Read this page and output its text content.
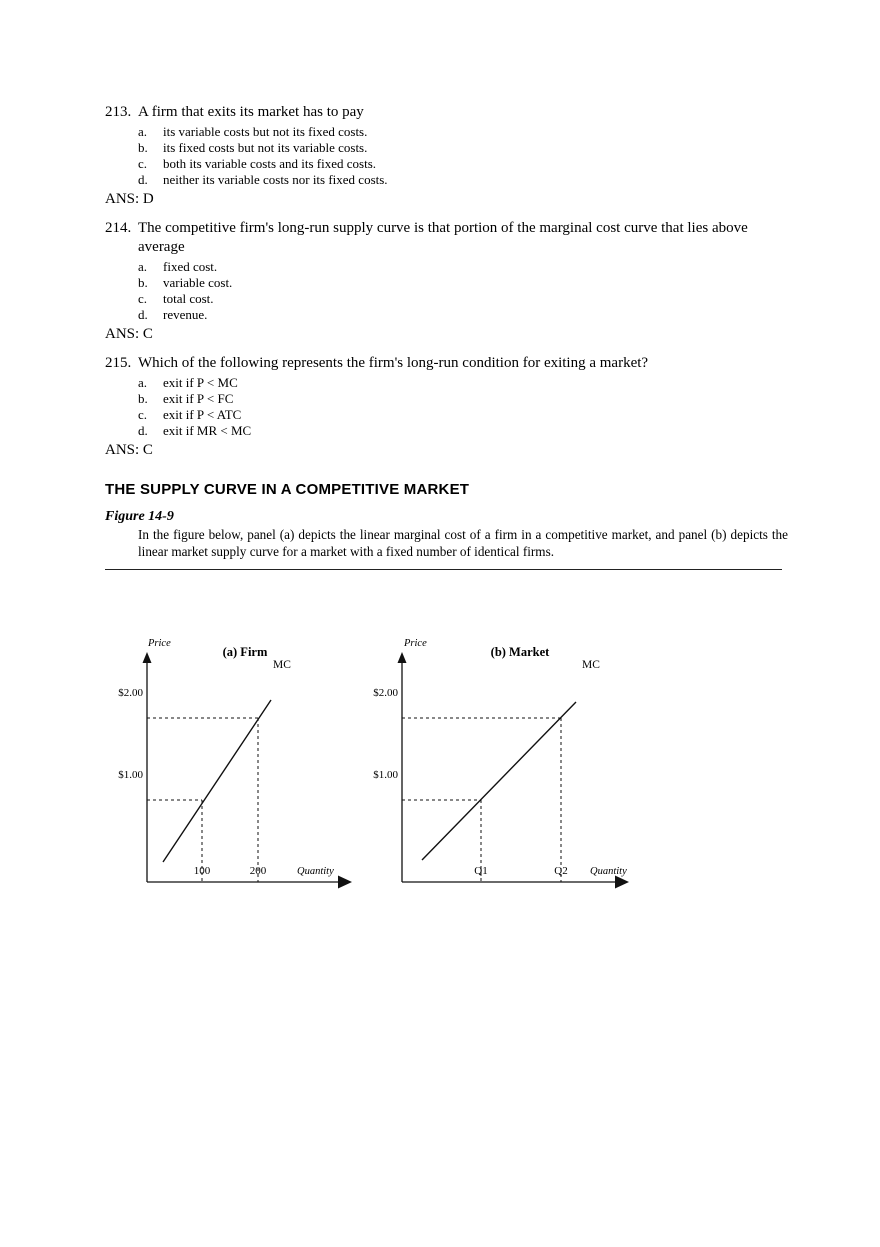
213. A firm that exits its market has to pay

a. its variable costs but not its fixed costs.
b. its fixed costs but not its variable costs.
c. both its variable costs and its fixed costs.
d. neither its variable costs nor its fixed costs.

ANS: D

214. The competitive firm's long-run supply curve is that portion of the marginal cost curve that lies above average

a. fixed cost.
b. variable cost.
c. total cost.
d. revenue.

ANS: C

215. Which of the following represents the firm's long-run condition for exiting a market?

a. exit if P < MC
b. exit if P < FC
c. exit if P < ATC
d. exit if MR < MC

ANS: C

THE SUPPLY CURVE IN A COMPETITIVE MARKET

Figure 14-9

In the figure below, panel (a) depicts the linear marginal cost of a firm in a competitive market, and panel (b) depicts the linear market supply curve for a market with a fixed number of identical firms.

Price
(a) Firm
MC
$2.00
$1.00
100	200	Quantity
Price
(b) Market
MC
$2.00
$1.00
Q1	Q2 Quantity
